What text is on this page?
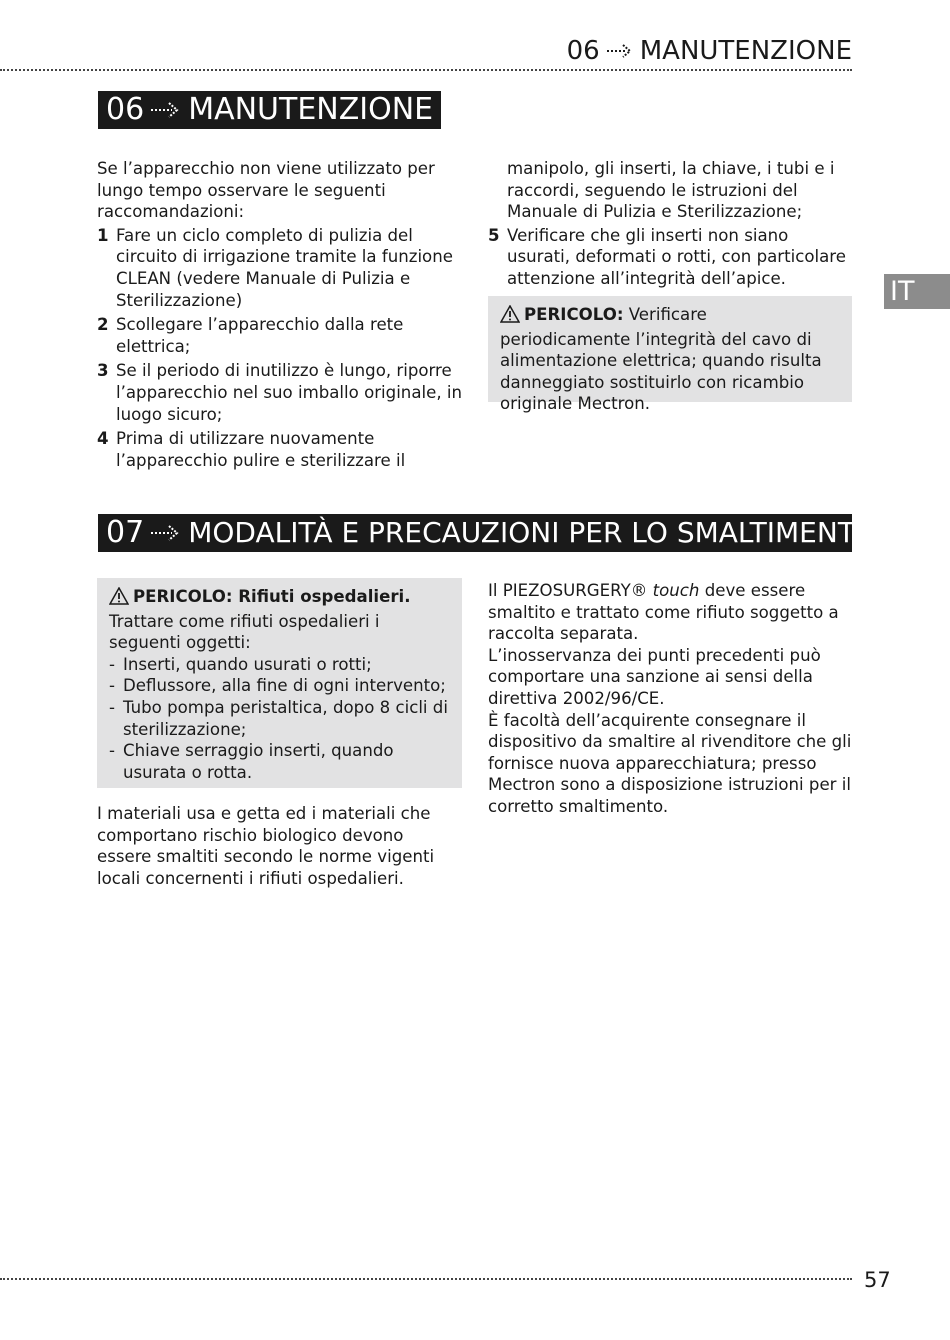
06 MANUTENZIONE
06 MANUTENZIONE

Se l’apparecchio non viene utilizzato per lungo tempo osservare le seguenti raccomandazioni:

1 Fare un ciclo completo di pulizia del circuito di irrigazione tramite la funzione CLEAN (vedere Manuale di Pulizia e Sterilizzazione)
2 Scollegare l’apparecchio dalla rete elettrica;
3 Se il periodo di inutilizzo è lungo, riporre l’apparecchio nel suo imballo originale, in luogo sicuro;
4 Prima di utilizzare nuovamente l’apparecchio pulire e sterilizzare il

manipolo, gli inserti, la chiave, i tubi e i raccordi, seguendo le istruzioni del Manuale di Pulizia e Sterilizzazione;

5 Verificare che gli inserti non siano usurati, deformati o rotti, con particolare attenzione all’integrità dell’apice.
PERICOLO: Verificare periodicamente l’integrità del cavo di alimentazione elettrica; quando risulta danneggiato sostituirlo con ricambio originale Mectron.
IT
07 MODALITÀ E PRECAUZIONI PER LO SMALTIMENTO
PERICOLO: Rifiuti ospedalieri.
Trattare come rifiuti ospedalieri i seguenti oggetti:
- Inserti, quando usurati o rotti;
- Deflussore, alla fine di ogni intervento;
- Tubo pompa peristaltica, dopo 8 cicli di sterilizzazione;
- Chiave serraggio inserti, quando usurata o rotta.

I materiali usa e getta ed i materiali che comportano rischio biologico devono essere smaltiti secondo le norme vigenti locali concernenti i rifiuti ospedalieri.

Il PIEZOSURGERY® touch deve essere smaltito e trattato come rifiuto soggetto a raccolta separata.

L’inosservanza dei punti precedenti può comportare una sanzione ai sensi della direttiva 2002/96/CE.

È facoltà dell’acquirente consegnare il dispositivo da smaltire al rivenditore che gli fornisce nuova apparecchiatura; presso Mectron sono a disposizione istruzioni per il corretto smaltimento.

57
